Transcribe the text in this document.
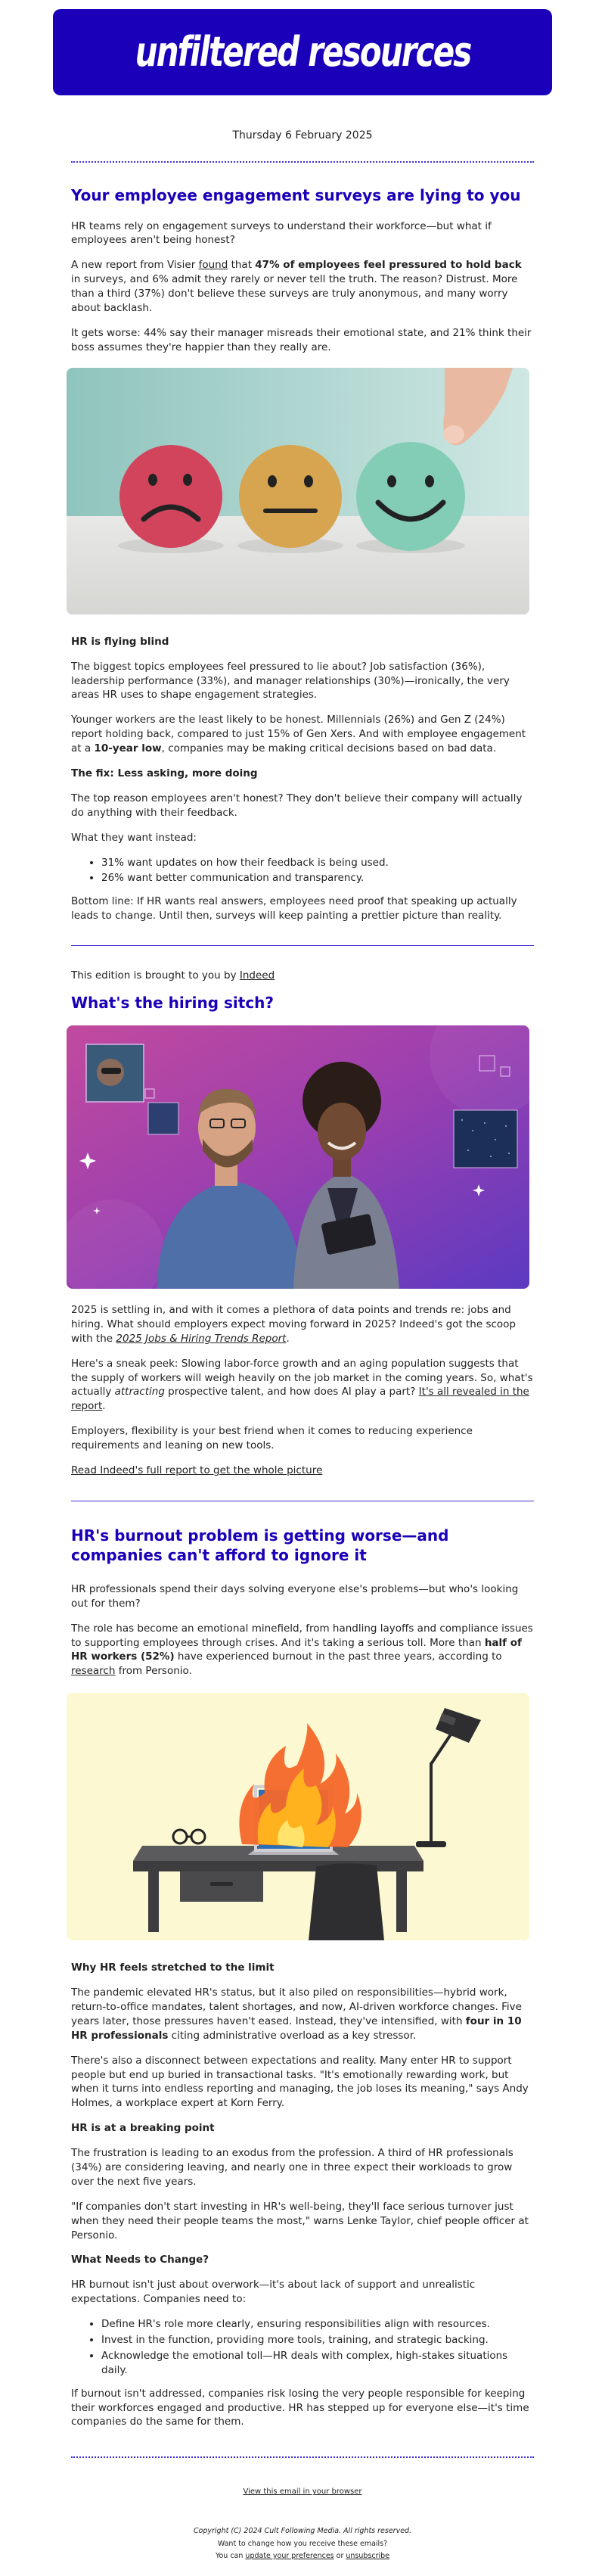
unfiltered resources
Thursday 6 February 2025
Your employee engagement surveys are lying to you

HR teams rely on engagement surveys to understand their workforce—but what if employees aren't being honest?

A new report from Visier found that 47% of employees feel pressured to hold back in surveys, and 6% admit they rarely or never tell the truth. The reason? Distrust. More than a third (37%) don't believe these surveys are truly anonymous, and many worry about backlash.

It gets worse: 44% say their manager misreads their emotional state, and 21% think their boss assumes they're happier than they really are.

HR is flying blind

The biggest topics employees feel pressured to lie about? Job satisfaction (36%), leadership performance (33%), and manager relationships (30%)—ironically, the very areas HR uses to shape engagement strategies.

Younger workers are the least likely to be honest. Millennials (26%) and Gen Z (24%) report holding back, compared to just 15% of Gen Xers. And with employee engagement at a 10-year low, companies may be making critical decisions based on bad data.

The fix: Less asking, more doing

The top reason employees aren't honest? They don't believe their company will actually do anything with their feedback.

What they want instead:

• 31% want updates on how their feedback is being used.
• 26% want better communication and transparency.

Bottom line: If HR wants real answers, employees need proof that speaking up actually leads to change. Until then, surveys will keep painting a prettier picture than reality.

This edition is brought to you by Indeed

What's the hiring sitch?

2025 is settling in, and with it comes a plethora of data points and trends re: jobs and hiring. What should employers expect moving forward in 2025? Indeed's got the scoop with the 2025 Jobs & Hiring Trends Report.

Here's a sneak peek: Slowing labor-force growth and an aging population suggests that the supply of workers will weigh heavily on the job market in the coming years. So, what's actually attracting prospective talent, and how does AI play a part? It's all revealed in the report.

Employers, flexibility is your best friend when it comes to reducing experience requirements and leaning on new tools.

Read Indeed's full report to get the whole picture

HR's burnout problem is getting worse—and companies can't afford to ignore it

HR professionals spend their days solving everyone else's problems—but who's looking out for them?

The role has become an emotional minefield, from handling layoffs and compliance issues to supporting employees through crises. And it's taking a serious toll. More than half of HR workers (52%) have experienced burnout in the past three years, according to research from Personio.

Why HR feels stretched to the limit

The pandemic elevated HR's status, but it also piled on responsibilities—hybrid work, return-to-office mandates, talent shortages, and now, AI-driven workforce changes. Five years later, those pressures haven't eased. Instead, they've intensified, with four in 10 HR professionals citing administrative overload as a key stressor.

There's also a disconnect between expectations and reality. Many enter HR to support people but end up buried in transactional tasks. "It's emotionally rewarding work, but when it turns into endless reporting and managing, the job loses its meaning," says Andy Holmes, a workplace expert at Korn Ferry.

HR is at a breaking point

The frustration is leading to an exodus from the profession. A third of HR professionals (34%) are considering leaving, and nearly one in three expect their workloads to grow over the next five years.

"If companies don't start investing in HR's well-being, they'll face serious turnover just when they need their people teams the most," warns Lenke Taylor, chief people officer at Personio.

What Needs to Change?

HR burnout isn't just about overwork—it's about lack of support and unrealistic expectations. Companies need to:

• Define HR's role more clearly, ensuring responsibilities align with resources.
• Invest in the function, providing more tools, training, and strategic backing.
• Acknowledge the emotional toll—HR deals with complex, high-stakes situations daily.

If burnout isn't addressed, companies risk losing the very people responsible for keeping their workforces engaged and productive. HR has stepped up for everyone else—it's time companies do the same for them.

View this email in your browser

Copyright (C) 2024 Cult Following Media. All rights reserved.

Want to change how you receive these emails?

You can update your preferences or unsubscribe
